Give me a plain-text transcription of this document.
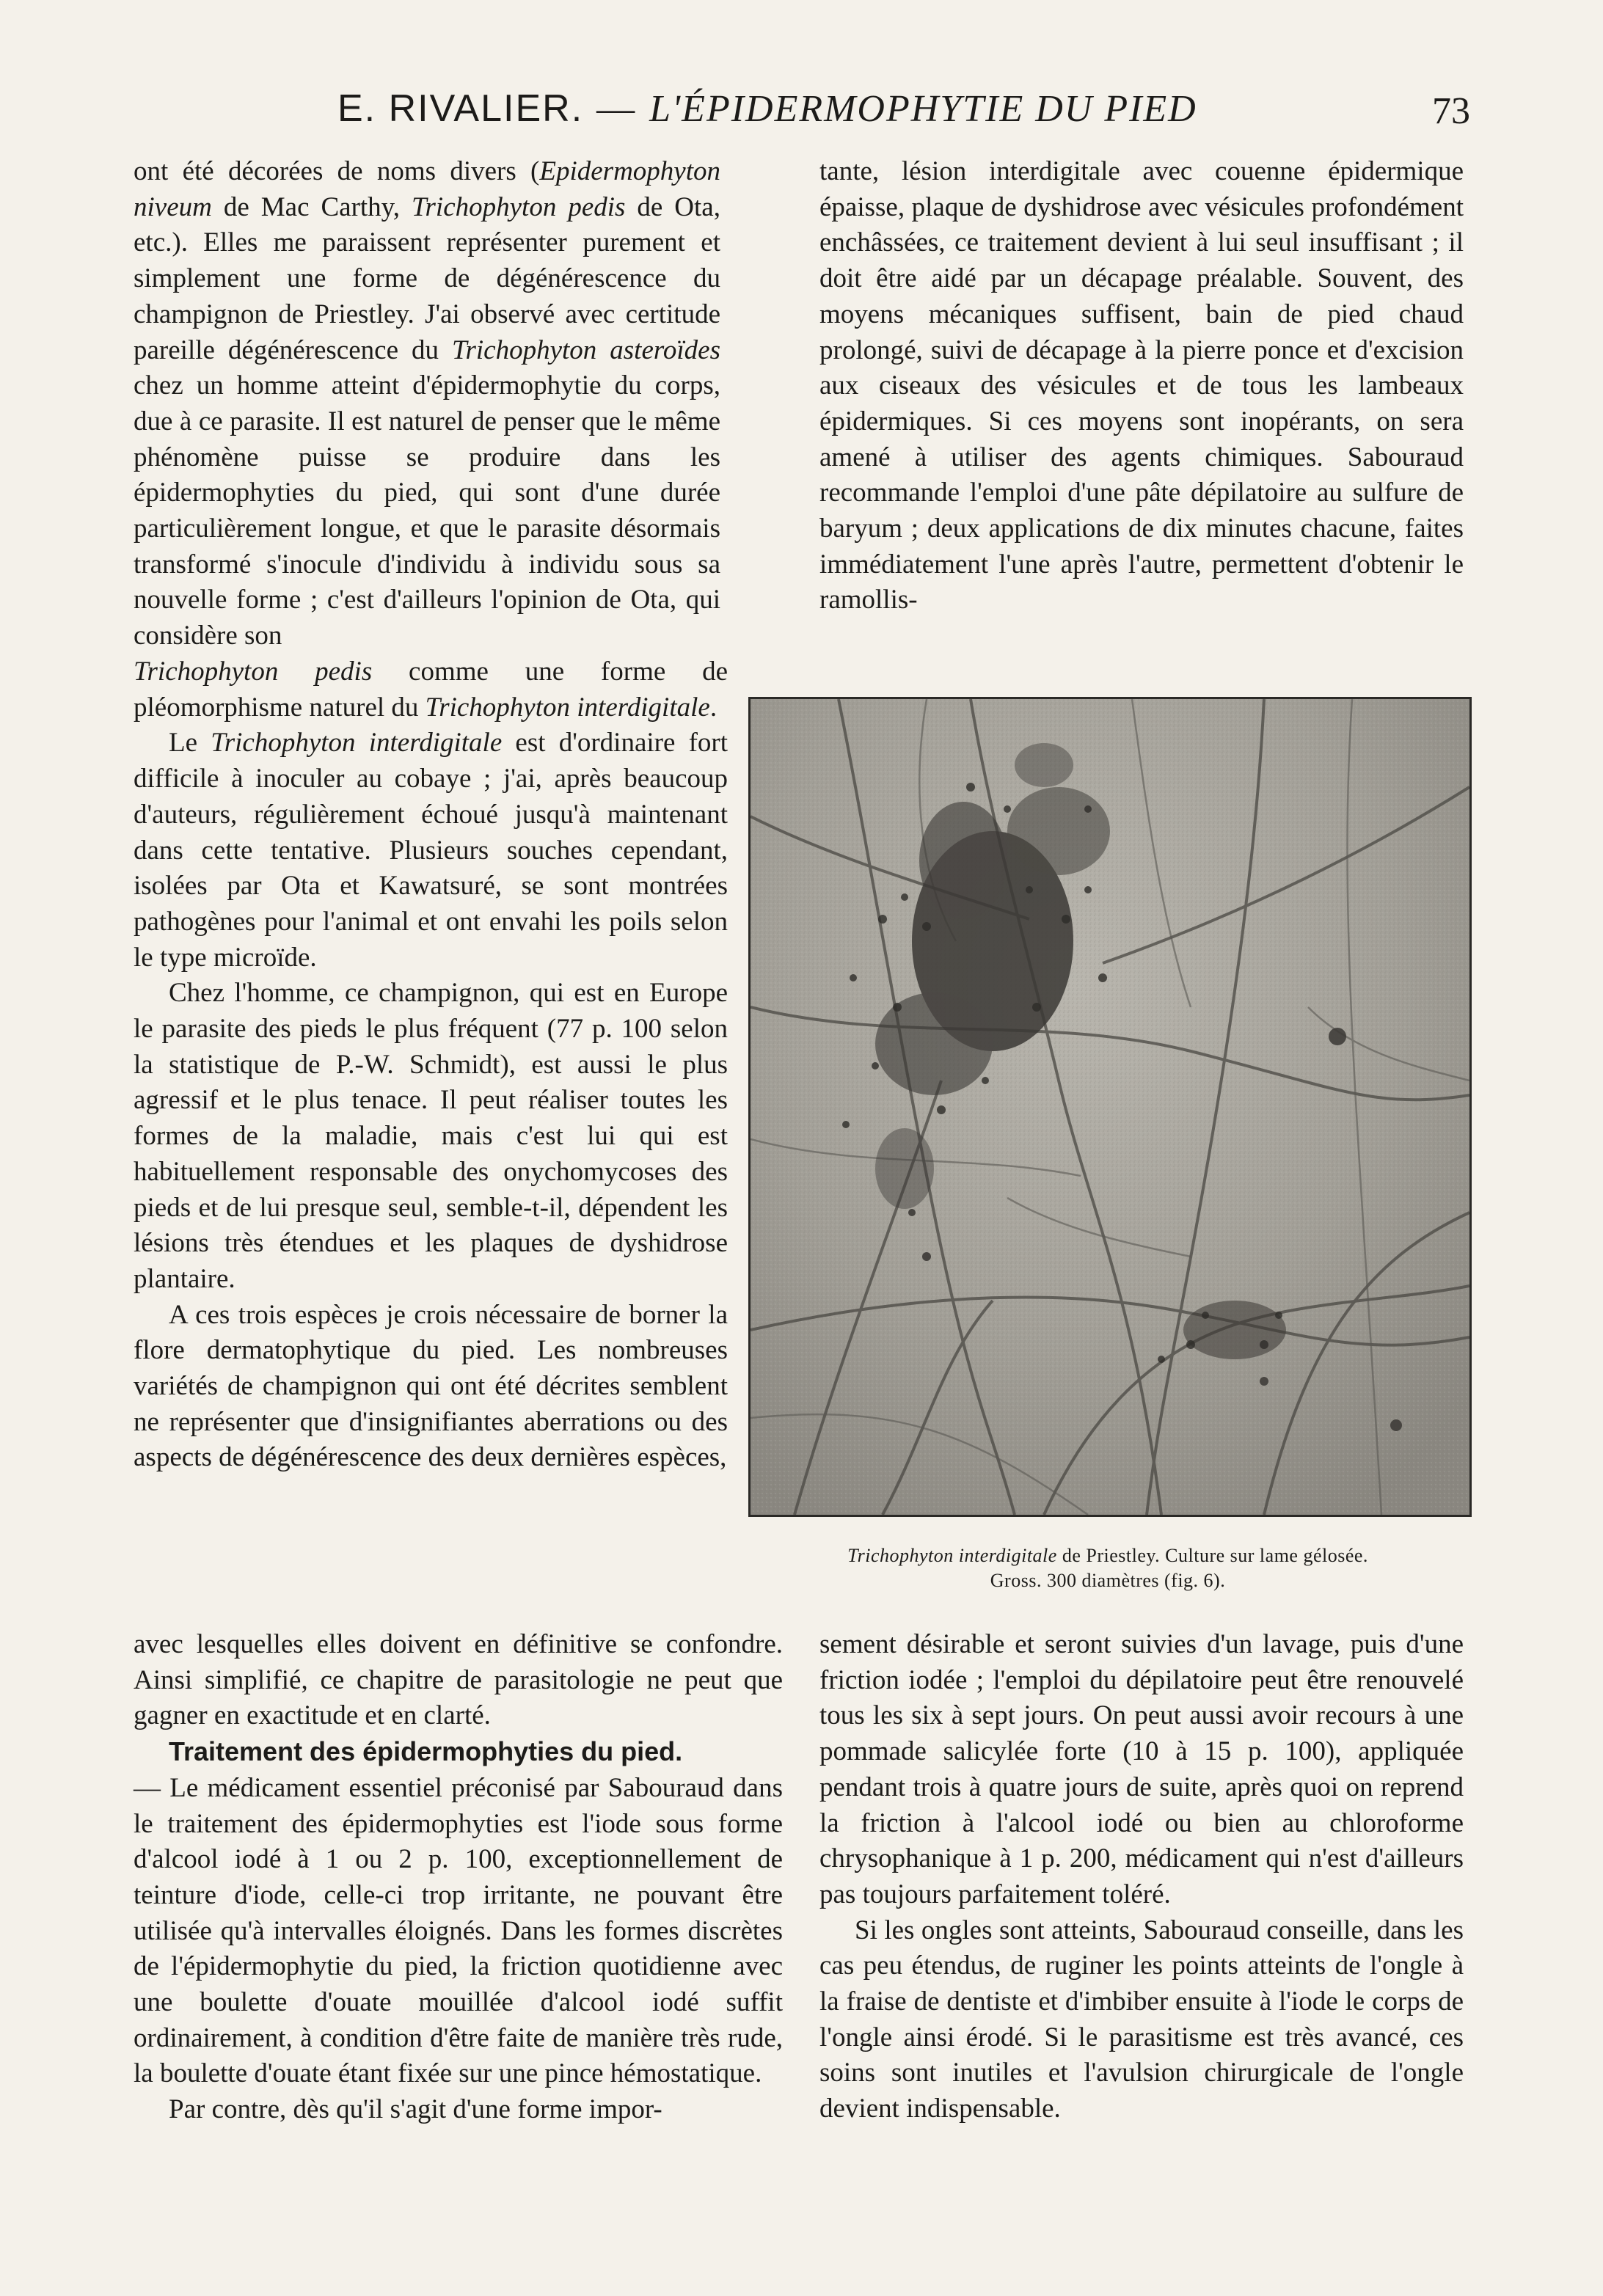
E. RIVALIER. — L'ÉPIDERMOPHYTIE DU PIED	73

ont été décorées de noms divers (Epidermophyton niveum de Mac Carthy, Trichophyton pedis de Ota, etc.). Elles me paraissent représenter purement et simplement une forme de dégénérescence du champignon de Priestley. J'ai observé avec certitude pareille dégénérescence du Trichophyton asteroïdes chez un homme atteint d'épidermophytie du corps, due à ce parasite. Il est naturel de penser que le même phénomène puisse se produire dans les épidermophyties du pied, qui sont d'une durée particulièrement longue, et que le parasite désormais transformé s'inocule d'individu à individu sous sa nouvelle forme ; c'est d'ailleurs l'opinion de Ota, qui considère son

Trichophyton pedis comme une forme de pléomorphisme naturel du Trichophyton interdigitale.

Le Trichophyton interdigitale est d'ordinaire fort difficile à inoculer au cobaye ; j'ai, après beaucoup d'auteurs, régulièrement échoué jusqu'à maintenant dans cette tentative. Plusieurs souches cependant, isolées par Ota et Kawatsuré, se sont montrées pathogènes pour l'animal et ont envahi les poils selon le type microïde.

Chez l'homme, ce champignon, qui est en Europe le parasite des pieds le plus fréquent (77 p. 100 selon la statistique de P.-W. Schmidt), est aussi le plus agressif et le plus tenace. Il peut réaliser toutes les formes de la maladie, mais c'est lui qui est habituellement responsable des onychomycoses des pieds et de lui presque seul, semble-t-il, dépendent les lésions très étendues et les plaques de dyshidrose plantaire.

A ces trois espèces je crois nécessaire de borner la flore dermatophytique du pied. Les nombreuses variétés de champignon qui ont été décrites semblent ne représenter que d'insignifiantes aberrations ou des aspects de dégénérescence des deux dernières espèces,

avec lesquelles elles doivent en définitive se confondre. Ainsi simplifié, ce chapitre de parasitologie ne peut que gagner en exactitude et en clarté.

Traitement des épidermophyties du pied.

— Le médicament essentiel préconisé par Sabouraud dans le traitement des épidermophyties est l'iode sous forme d'alcool iodé à 1 ou 2 p. 100, exceptionnellement de teinture d'iode, celle-ci trop irritante, ne pouvant être utilisée qu'à intervalles éloignés. Dans les formes discrètes de l'épidermophytie du pied, la friction quotidienne avec une boulette d'ouate mouillée d'alcool iodé suffit ordinairement, à condition d'être faite de manière très rude, la boulette d'ouate étant fixée sur une pince hémostatique.

Par contre, dès qu'il s'agit d'une forme impor-

tante, lésion interdigitale avec couenne épidermique épaisse, plaque de dyshidrose avec vésicules profondément enchâssées, ce traitement devient à lui seul insuffisant ; il doit être aidé par un décapage préalable. Souvent, des moyens mécaniques suffisent, bain de pied chaud prolongé, suivi de décapage à la pierre ponce et d'excision aux ciseaux des vésicules et de tous les lambeaux épidermiques. Si ces moyens sont inopérants, on sera amené à utiliser des agents chimiques. Sabouraud recommande l'emploi d'une pâte dépilatoire au sulfure de baryum ; deux applications de dix minutes chacune, faites immédiatement l'une après l'autre, permettent d'obtenir le ramollis-

Trichophyton interdigitale de Priestley. Culture sur lame gélosée.
Gross. 300 diamètres (fig. 6).

sement désirable et seront suivies d'un lavage, puis d'une friction iodée ; l'emploi du dépilatoire peut être renouvelé tous les six à sept jours. On peut aussi avoir recours à une pommade salicylée forte (10 à 15 p. 100), appliquée pendant trois à quatre jours de suite, après quoi on reprend la friction à l'alcool iodé ou bien au chloroforme chrysophanique à 1 p. 200, médicament qui n'est d'ailleurs pas toujours parfaitement toléré.

Si les ongles sont atteints, Sabouraud conseille, dans les cas peu étendus, de ruginer les points atteints de l'ongle à la fraise de dentiste et d'imbiber ensuite à l'iode le corps de l'ongle ainsi érodé. Si le parasitisme est très avancé, ces soins sont inutiles et l'avulsion chirurgicale de l'ongle devient indispensable.
